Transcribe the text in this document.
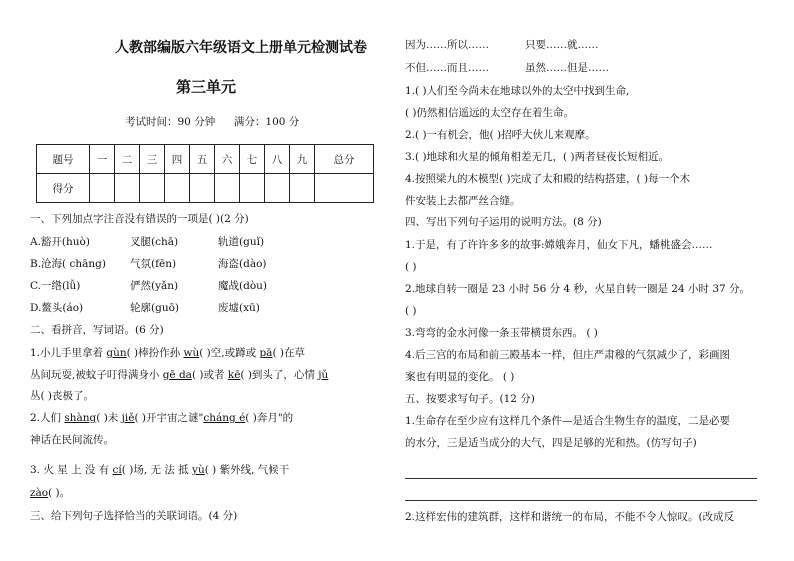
人教部编版六年级语文上册单元检测试卷
第三单元
考试时间：90 分钟 满分：100 分
题号	一	二	三	四	五	六	七	八	九	总分
得分										
一、下列加点字注音没有错误的一项是( )(2 分)
A.豁开(huò)	叉腿(chā)	轨道(guǐ)
B.沧海( chāng) 气氛(fēn)	海盗(dào)
C.一绺(lǚ)	俨然(yǎn)	魔战(dòu)
D.鳌头(áo)	轮廓(guō)	废墟(xū)
二、看拼音，写词语。(6 分)
1.小儿手里拿着 gùn( )棒扮作孙 wù( )空,或蹲或 pā( )在草
丛间玩耍,被蚊子叮得满身小 gē da( )或者 kē( )到头了，心情 jǔ
丛( )丧极了。
2.人们 shàng( )未 jiě( )开宇宙之谜"cháng é( )奔月"的
神话在民间流传。
3. 火 星 上 没 有 cí( )场, 无 法 抵 yù( ) 紫外线, 气候干
zào( )。
三、给下列句子选择恰当的关联词语。(4 分)
因为……所以……	只要……就……
不但……而且……	虽然……但是……
1.( )人们至今尚未在地球以外的太空中找到生命,
( )仍然相信遥远的太空存在着生命。
2.( )一有机会，他( )招呼大伙儿来观摩。
3.( )地球和火星的倾角相差无几，( )两者昼夜长短相近。
4.按照梁九的木模型( )完成了太和殿的结构搭建，( )每一个木
件安装上去都严丝合缝。
四、写出下列句子运用的说明方法。(8 分)
1.于是，有了许许多多的故事:嫦娥奔月，仙女下凡，蟠桃盛会……
( )
2.地球自转一圈是 23 小时 56 分 4 秒，火星自转一圈是 24 小时 37 分。
( )
3.弯弯的金水河像一条玉带横贯东西。 ( )
4.后三宫的布局和前三殿基本一样，但庄严肃穆的气氛减少了，彩画图
案也有明显的变化。 ( )
五、按要求写句子。(12 分)
1.生命存在至少应有这样几个条件—是适合生物生存的温度，二是必要
的水分，三是适当成分的大气，四是足够的光和热。(仿写句子)
2.这样宏伟的建筑群，这样和谐统一的布局，不能不令人惊叹。(改成反
